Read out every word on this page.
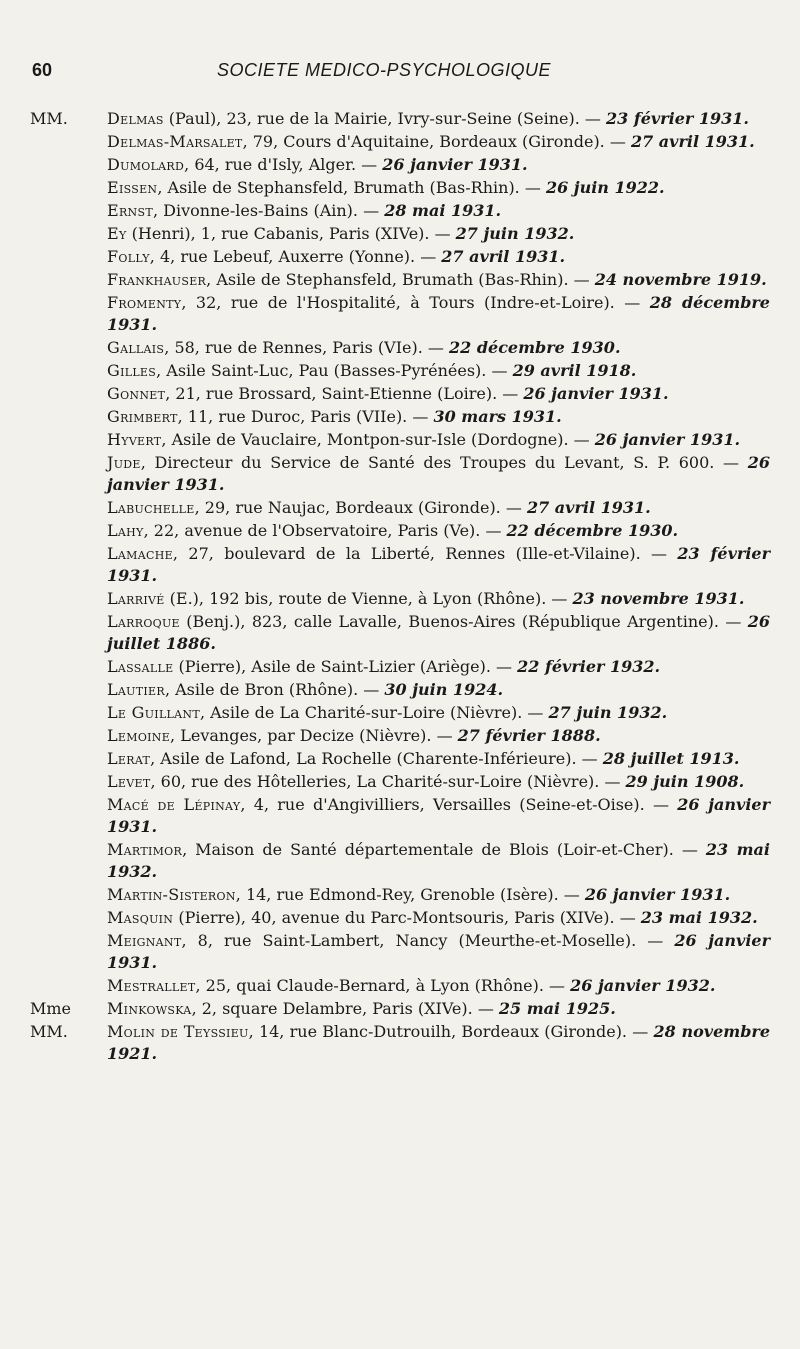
60	SOCIETE MEDICO-PSYCHOLOGIQUE
MM.	Delmas (Paul), 23, rue de la Mairie, Ivry-sur-Seine (Seine). — 23 février 1931.
Delmas-Marsalet, 79, Cours d'Aquitaine, Bordeaux (Gironde). — 27 avril 1931.
Dumolard, 64, rue d'Isly, Alger. — 26 janvier 1931.
Eissen, Asile de Stephansfeld, Brumath (Bas-Rhin). — 26 juin 1922.
Ernst, Divonne-les-Bains (Ain). — 28 mai 1931.
Ey (Henri), 1, rue Cabanis, Paris (XIVe). — 27 juin 1932.
Folly, 4, rue Lebeuf, Auxerre (Yonne). — 27 avril 1931.
Frankhauser, Asile de Stephansfeld, Brumath (Bas-Rhin). — 24 novembre 1919.
Fromenty, 32, rue de l'Hospitalité, à Tours (Indre-et-Loire). — 28 décembre 1931.
Gallais, 58, rue de Rennes, Paris (VIe). — 22 décembre 1930.
Gilles, Asile Saint-Luc, Pau (Basses-Pyrénées). — 29 avril 1918.
Gonnet, 21, rue Brossard, Saint-Etienne (Loire). — 26 janvier 1931.
Grimbert, 11, rue Duroc, Paris (VIIe). — 30 mars 1931.
Hyvert, Asile de Vauclaire, Montpon-sur-Isle (Dordogne). — 26 janvier 1931.
Jude, Directeur du Service de Santé des Troupes du Levant, S. P. 600. — 26 janvier 1931.
Labuchelle, 29, rue Naujac, Bordeaux (Gironde). — 27 avril 1931.
Lahy, 22, avenue de l'Observatoire, Paris (Ve). — 22 décembre 1930.
Lamache, 27, boulevard de la Liberté, Rennes (Ille-et-Vilaine). — 23 février 1931.
Larrivé (E.), 192 bis, route de Vienne, à Lyon (Rhône). — 23 novembre 1931.
Larroque (Benj.), 823, calle Lavalle, Buenos-Aires (République Argentine). — 26 juillet 1886.
Lassalle (Pierre), Asile de Saint-Lizier (Ariège). — 22 février 1932.
Lautier, Asile de Bron (Rhône). — 30 juin 1924.
Le Guillant, Asile de La Charité-sur-Loire (Nièvre). — 27 juin 1932.
Lemoine, Levanges, par Decize (Nièvre). — 27 février 1888.
Lerat, Asile de Lafond, La Rochelle (Charente-Inférieure). — 28 juillet 1913.
Levet, 60, rue des Hôtelleries, La Charité-sur-Loire (Nièvre). — 29 juin 1908.
Macé de Lépinay, 4, rue d'Angivilliers, Versailles (Seine-et-Oise). — 26 janvier 1931.
Martimor, Maison de Santé départementale de Blois (Loir-et-Cher). — 23 mai 1932.
Martin-Sisteron, 14, rue Edmond-Rey, Grenoble (Isère). — 26 janvier 1931.
Masquin (Pierre), 40, avenue du Parc-Montsouris, Paris (XIVe). — 23 mai 1932.
Meignant, 8, rue Saint-Lambert, Nancy (Meurthe-et-Moselle). — 26 janvier 1931.
Mestrallet, 25, quai Claude-Bernard, à Lyon (Rhône). — 26 janvier 1932.
Mme	Minkowska, 2, square Delambre, Paris (XIVe). — 25 mai 1925.
MM.	Molin de Teyssieu, 14, rue Blanc-Dutrouilh, Bordeaux (Gironde). — 28 novembre 1921.
